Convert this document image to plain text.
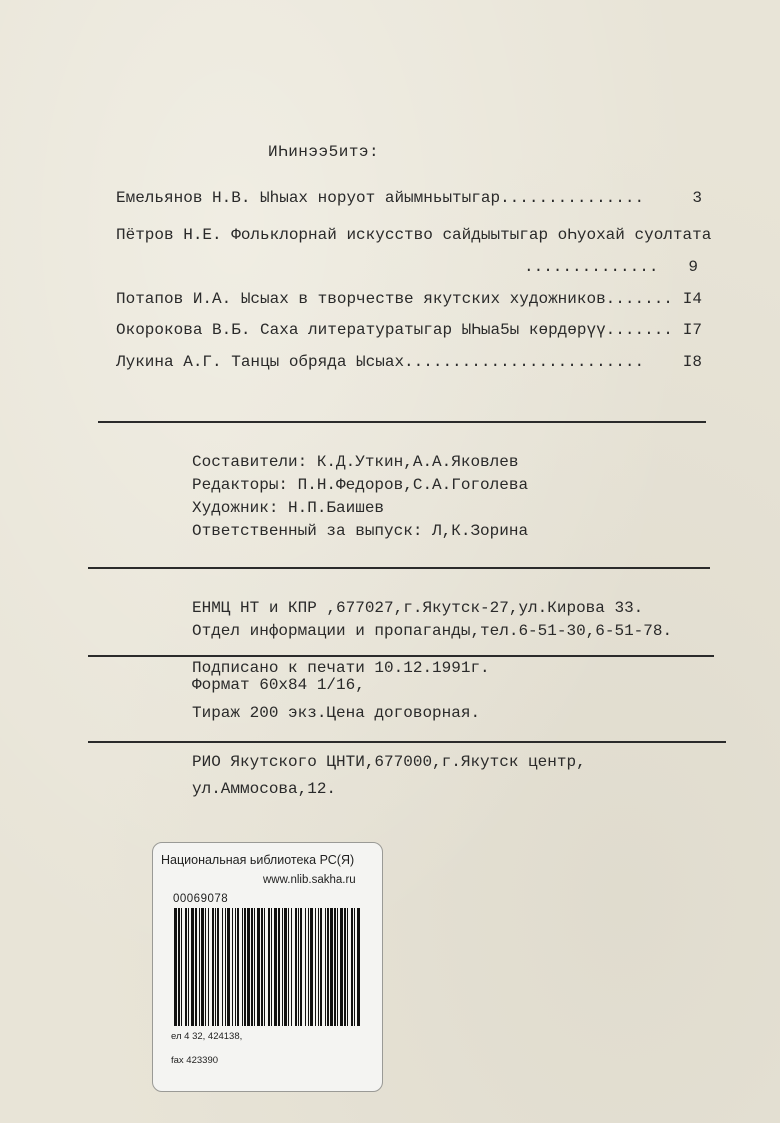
ИҺинээ5итэ:
Емельянов Н.В. Ыһыах норуот айымньытыгар...............	3
Пётров Н.Е. Фольклорнай искусство сайдыытыгар оҺуохай суолтата
.............. 9
Потапов И.А. Ысыах в творчестве якутских художников....... I4
Окорокова В.Б. Саха литературатыгар ЫҺыа5ы көрдөрүү....... I7
Лукина А.Г. Танцы обряда Ысыах......................... I8
Составители: К.Д.Уткин,А.А.Яковлев
Редакторы: П.Н.Федоров,С.А.Гоголева
Художник: Н.П.Баишев
Ответственный за выпуск: Л,К.Зорина
ЕНМЦ НТ и КПР ,677027,г.Якутск-27,ул.Кирова 33.
Отдел информации и пропаганды,тел.6-51-30,6-51-78.
Подписано к печати 10.12.1991г.
Формат 60х84 1/16,
Тираж 200 экз.Цена договорная.
РИО Якутского ЦНТИ,677000,г.Якутск центр,
ул.Аммосова,12.
Национальная ьиблиотека РС(Я)
www.nlib.sakha.ru
00069078
ел 4 32, 424138,
fax 423390
